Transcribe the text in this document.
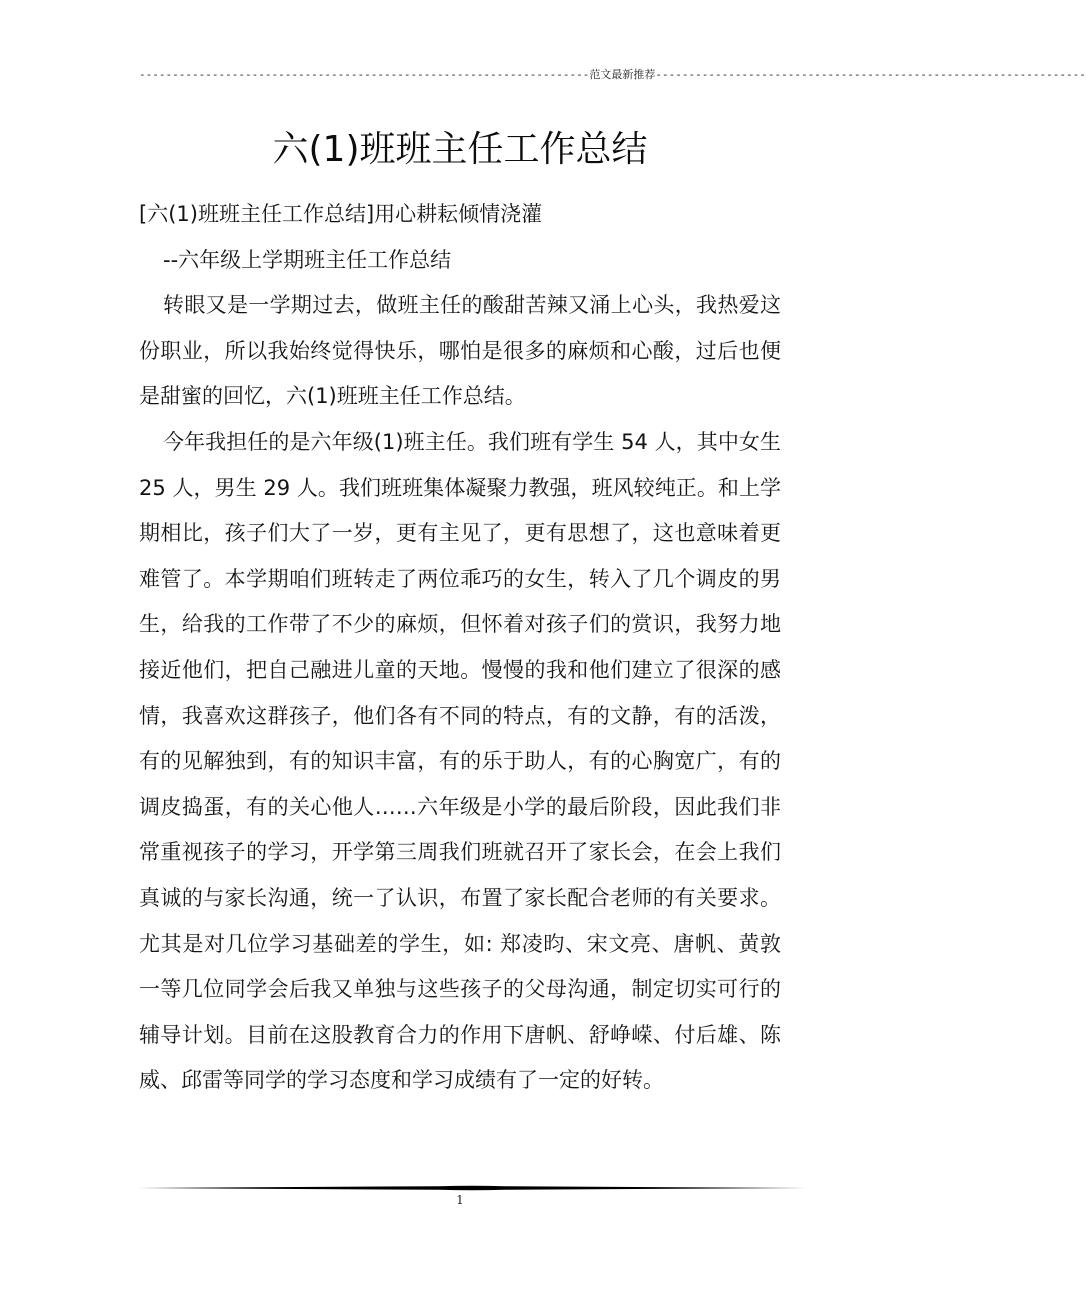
--------------------------------------------------------------------范文最新推荐-----------------------------------------------------------------
六(1)班班主任工作总结

[六(1)班班主任工作总结]用心耕耘倾情浇灌

--六年级上学期班主任工作总结

转眼又是一学期过去，做班主任的酸甜苦辣又涌上心头，我热爱这份职业，所以我始终觉得快乐，哪怕是很多的麻烦和心酸，过后也便是甜蜜的回忆，六(1)班班主任工作总结。

今年我担任的是六年级(1)班主任。我们班有学生 54 人，其中女生 25 人，男生 29 人。我们班班集体凝聚力教强，班风较纯正。和上学期相比，孩子们大了一岁，更有主见了，更有思想了，这也意味着更难管了。本学期咱们班转走了两位乖巧的女生，转入了几个调皮的男生，给我的工作带了不少的麻烦，但怀着对孩子们的赏识，我努力地接近他们，把自己融进儿童的天地。慢慢的我和他们建立了很深的感情，我喜欢这群孩子，他们各有不同的特点，有的文静，有的活泼，有的见解独到，有的知识丰富，有的乐于助人，有的心胸宽广，有的调皮捣蛋，有的关心他人……六年级是小学的最后阶段，因此我们非常重视孩子的学习，开学第三周我们班就召开了家长会，在会上我们真诚的与家长沟通，统一了认识，布置了家长配合老师的有关要求。尤其是对几位学习基础差的学生，如: 郑凌昀、宋文亮、唐帆、黄敦一等几位同学会后我又单独与这些孩子的父母沟通，制定切实可行的辅导计划。目前在这股教育合力的作用下唐帆、舒峥嵘、付后雄、陈威、邱雷等同学的学习态度和学习成绩有了一定的好转。

1
